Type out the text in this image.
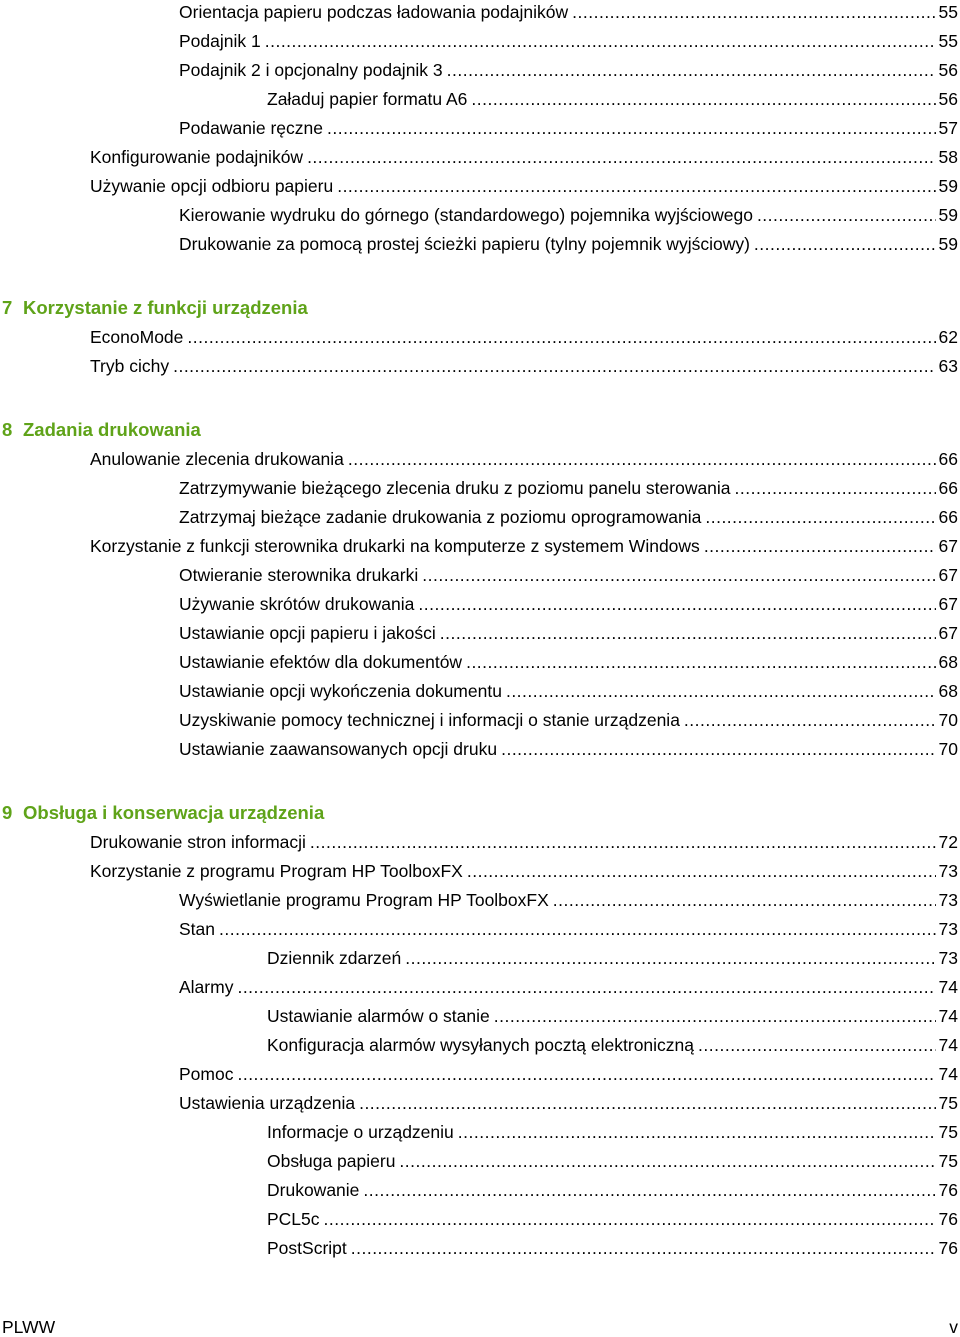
Orientacja papieru podczas ładowania podajników .....	55
Podajnik 1 .....	55
Podajnik 2 i opcjonalny podajnik 3 .....	56
Załaduj papier formatu A6 .....	56
Podawanie ręczne .....	57
Konfigurowanie podajników .....	58
Używanie opcji odbioru papieru .....	59
Kierowanie wydruku do górnego (standardowego) pojemnika wyjściowego .....	59
Drukowanie za pomocą prostej ścieżki papieru (tylny pojemnik wyjściowy) .....	59
7 Korzystanie z funkcji urządzenia
EconoMode .....	62
Tryb cichy .....	63
8 Zadania drukowania
Anulowanie zlecenia drukowania .....	66
Zatrzymywanie bieżącego zlecenia druku z poziomu panelu sterowania .....	66
Zatrzymaj bieżące zadanie drukowania z poziomu oprogramowania .....	66
Korzystanie z funkcji sterownika drukarki na komputerze z systemem Windows .....	67
Otwieranie sterownika drukarki .....	67
Używanie skrótów drukowania .....	67
Ustawianie opcji papieru i jakości .....	67
Ustawianie efektów dla dokumentów .....	68
Ustawianie opcji wykończenia dokumentu .....	68
Uzyskiwanie pomocy technicznej i informacji o stanie urządzenia .....	70
Ustawianie zaawansowanych opcji druku .....	70
9 Obsługa i konserwacja urządzenia
Drukowanie stron informacji .....	72
Korzystanie z programu Program HP ToolboxFX .....	73
Wyświetlanie programu Program HP ToolboxFX .....	73
Stan .....	73
Dziennik zdarzeń .....	73
Alarmy .....	74
Ustawianie alarmów o stanie .....	74
Konfiguracja alarmów wysyłanych pocztą elektroniczną .....	74
Pomoc .....	74
Ustawienia urządzenia .....	75
Informacje o urządzeniu .....	75
Obsługa papieru .....	75
Drukowanie .....	76
PCL5c .....	76
PostScript .....	76
PLWW	v
